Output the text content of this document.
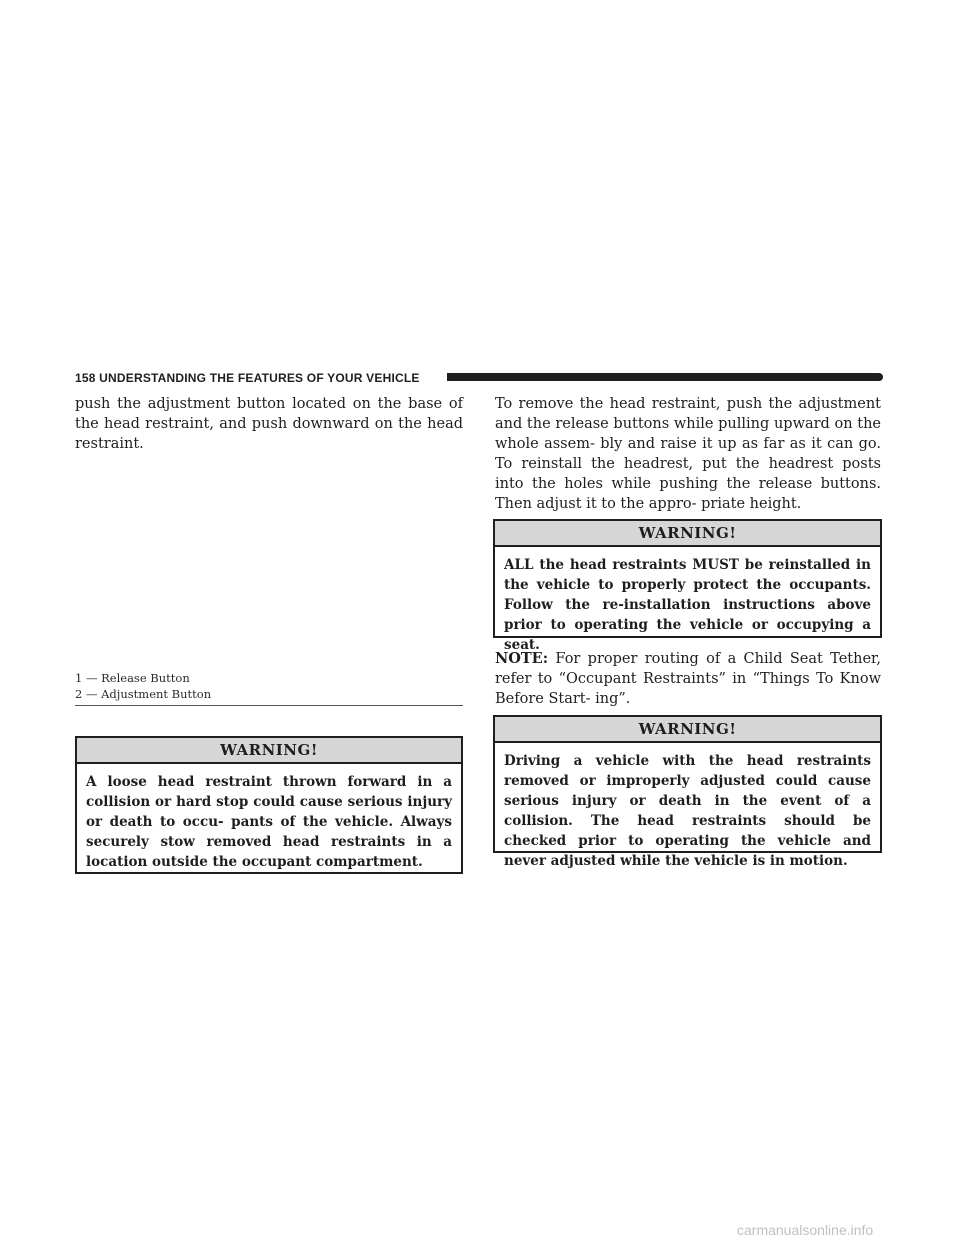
158 UNDERSTANDING THE FEATURES OF YOUR VEHICLE

push the adjustment button located on the base of the head restraint, and push downward on the head restraint.

1 — Release Button
2 — Adjustment Button
WARNING!

A loose head restraint thrown forward in a collision or hard stop could cause serious injury or death to occu- pants of the vehicle. Always securely stow removed head restraints in a location outside the occupant compartment.

To remove the head restraint, push the adjustment and the release buttons while pulling upward on the whole assem- bly and raise it up as far as it can go. To reinstall the headrest, put the headrest posts into the holes while pushing the release buttons. Then adjust it to the appro- priate height.

WARNING!

ALL the head restraints MUST be reinstalled in the vehicle to properly protect the occupants. Follow the re-installation instructions above prior to operating the vehicle or occupying a seat.

NOTE: For proper routing of a Child Seat Tether, refer to “Occupant Restraints” in “Things To Know Before Start- ing”.

WARNING!

Driving a vehicle with the head restraints removed or improperly adjusted could cause serious injury or death in the event of a collision. The head restraints should be checked prior to operating the vehicle and never adjusted while the vehicle is in motion.

carmanualsonline.info
